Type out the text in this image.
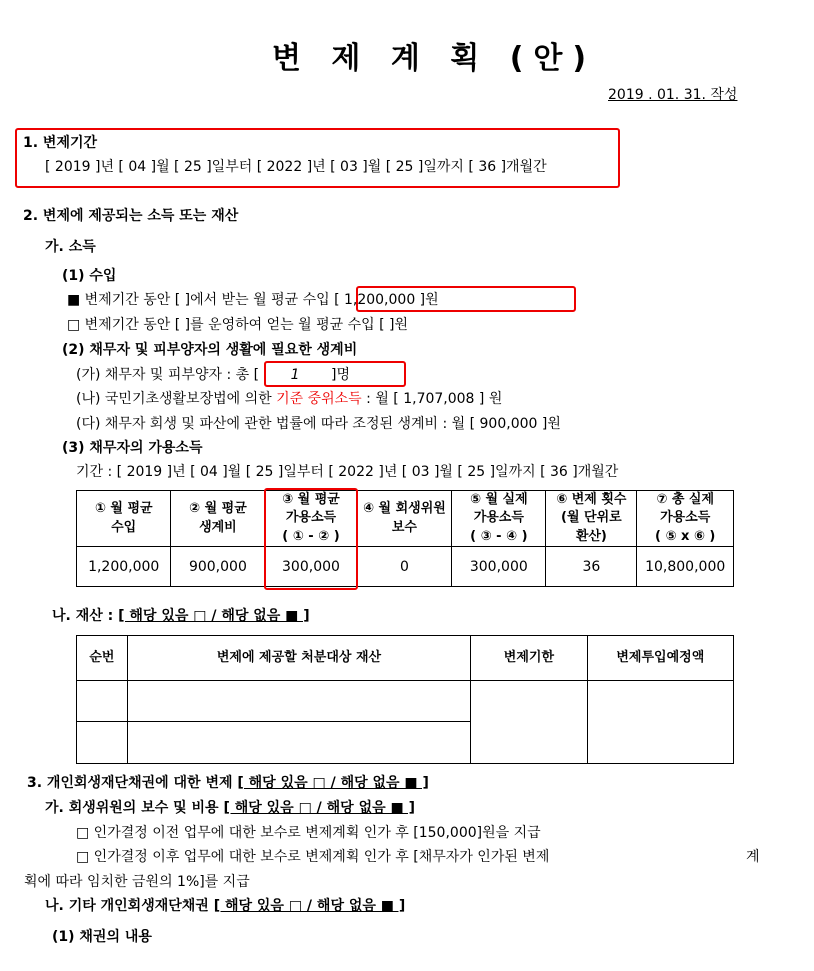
변 제 계 획 (안)
2019 . 01. 31. 작성
1. 변제기간
[ 2019 ]년 [ 04 ]월 [ 25 ]일부터 [ 2022 ]년 [ 03 ]월 [ 25 ]일까지 [ 36 ]개월간
2. 변제에 제공되는 소득 또는 재산
가. 소득
(1) 수입
■ 변제기간 동안 [ ]에서 받는 월 평균 수입 [ 1,200,000 ]원
□ 변제기간 동안 [ ]를 운영하여 얻는 월 평균 수입 [ ]원
(2) 채무자 및 피부양자의 생활에 필요한 생계비
(가) 채무자 및 피부양자 : 총 [ 1 ]명
(나) 국민기초생활보장법에 의한 기준 중위소득 : 월 [ 1,707,008 ] 원
(다) 채무자 회생 및 파산에 관한 법률에 따라 조정된 생계비 : 월 [ 900,000 ]원
(3) 채무자의 가용소득
기간 : [ 2019 ]년 [ 04 ]월 [ 25 ]일부터 [ 2022 ]년 [ 03 ]월 [ 25 ]일까지 [ 36 ]개월간
① 월 평균
수입	② 월 평균
생계비	③ 월 평균
가용소득
( ① - ② )	④ 월 회생위원
보수	⑤ 월 실제
가용소득
( ③ - ④ )	⑥ 변제 횟수
(월 단위로
환산)	⑦ 총 실제
가용소득
( ⑤ x ⑥ )
1,200,000	900,000	300,000	0	300,000	36	10,800,000
나. 재산 : [ 해당 있음 □ / 해당 없음 ■ ]
순번	변제에 제공할 처분대상 재산	변제기한	변제투입예정액

3. 개인회생재단채권에 대한 변제 [ 해당 있음 □ / 해당 없음 ■ ]
가. 회생위원의 보수 및 비용 [ 해당 있음 □ / 해당 없음 ■ ]
□ 인가결정 이전 업무에 대한 보수로 변제계획 인가 후 [150,000]원을 지급
□ 인가결정 이후 업무에 대한 보수로 변제계획 인가 후 [채무자가 인가된 변제	계
획에 따라 임치한 금원의 1%]를 지급
나. 기타 개인회생재단채권 [ 해당 있음 □ / 해당 없음 ■ ]
(1) 채권의 내용
